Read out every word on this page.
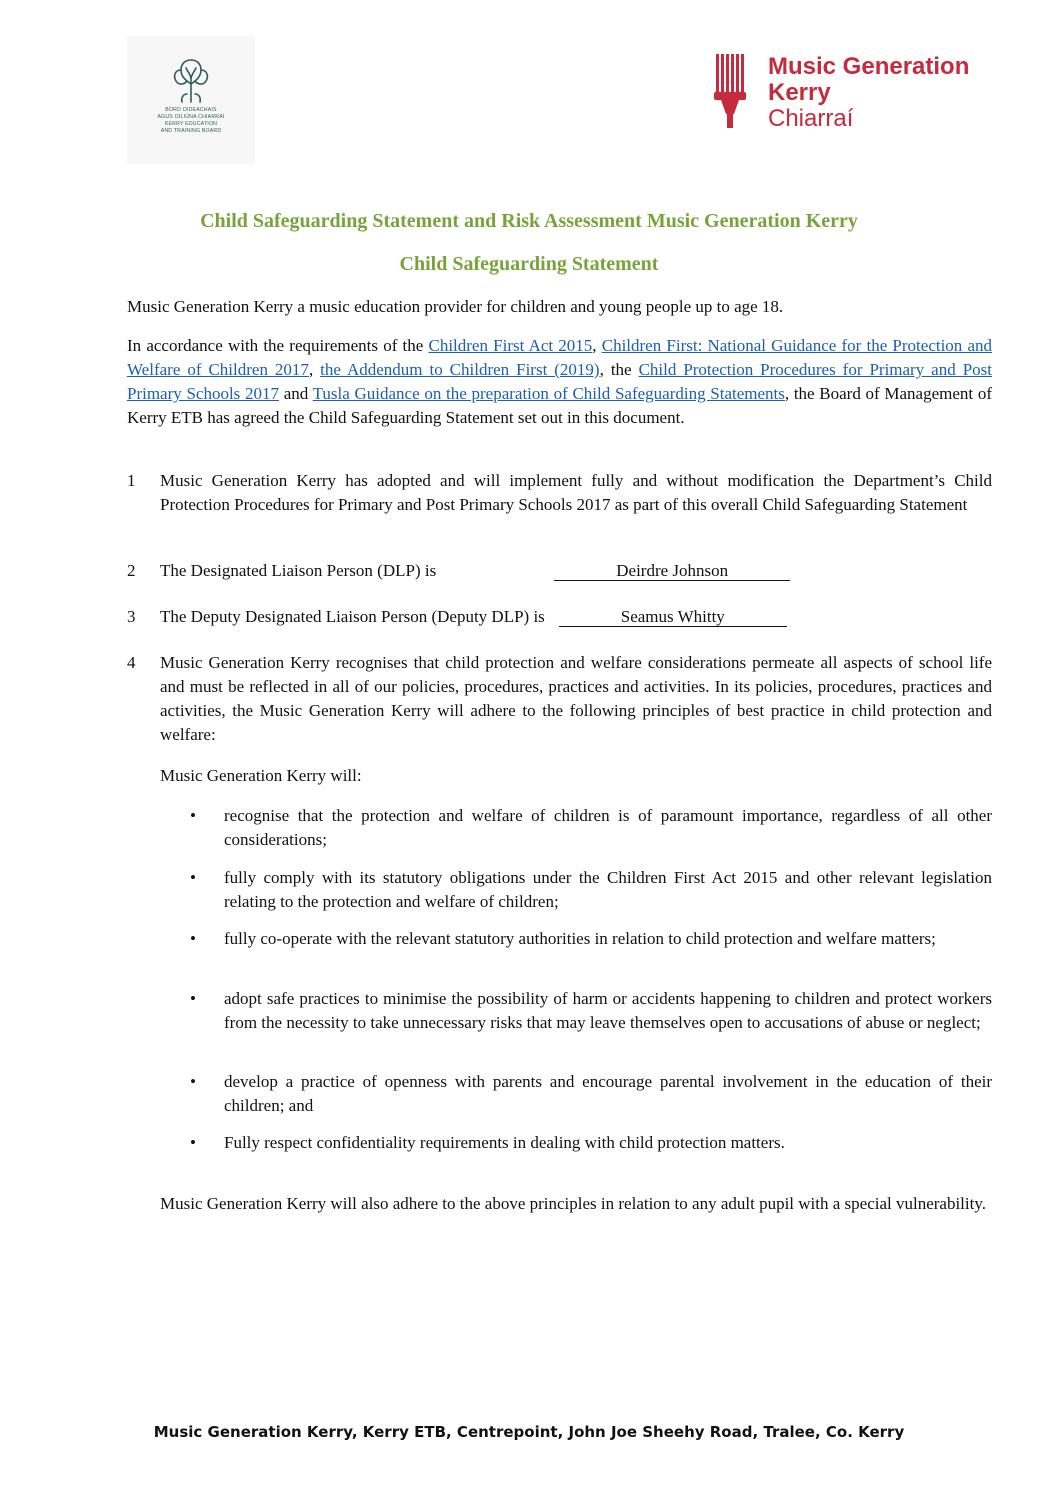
BORD OIDEACHAIS
AGUS OILIÚNA CHIARRAÍ
KERRY EDUCATION
AND TRAINING BOARD
Music Generation
Kerry
Chiarraí
Child Safeguarding Statement and Risk Assessment Music Generation Kerry
Child Safeguarding Statement
Music Generation Kerry a music education provider for children and young people up to age 18.
In accordance with the requirements of the Children First Act 2015, Children First: National Guidance for the Protection and Welfare of Children 2017, the Addendum to Children First (2019), the Child Protection Procedures for Primary and Post Primary Schools 2017 and Tusla Guidance on the preparation of Child Safeguarding Statements, the Board of Management of Kerry ETB has agreed the Child Safeguarding Statement set out in this document.
1 Music Generation Kerry has adopted and will implement fully and without modification the Department’s Child Protection Procedures for Primary and Post Primary Schools 2017 as part of this overall Child Safeguarding Statement
2 The Designated Liaison Person (DLP) is	Deirdre Johnson
3 The Deputy Designated Liaison Person (Deputy DLP) is	Seamus Whitty
4 Music Generation Kerry recognises that child protection and welfare considerations permeate all aspects of school life and must be reflected in all of our policies, procedures, practices and activities. In its policies, procedures, practices and activities, the Music Generation Kerry will adhere to the following principles of best practice in child protection and welfare:
Music Generation Kerry will:
• recognise that the protection and welfare of children is of paramount importance, regardless of all other considerations;
• fully comply with its statutory obligations under the Children First Act 2015 and other relevant legislation relating to the protection and welfare of children;
• fully co-operate with the relevant statutory authorities in relation to child protection and welfare matters;
• adopt safe practices to minimise the possibility of harm or accidents happening to children and protect workers from the necessity to take unnecessary risks that may leave themselves open to accusations of abuse or neglect;
• develop a practice of openness with parents and encourage parental involvement in the education of their children; and
• Fully respect confidentiality requirements in dealing with child protection matters.
Music Generation Kerry will also adhere to the above principles in relation to any adult pupil with a special vulnerability.
Music Generation Kerry, Kerry ETB, Centrepoint, John Joe Sheehy Road, Tralee, Co. Kerry
